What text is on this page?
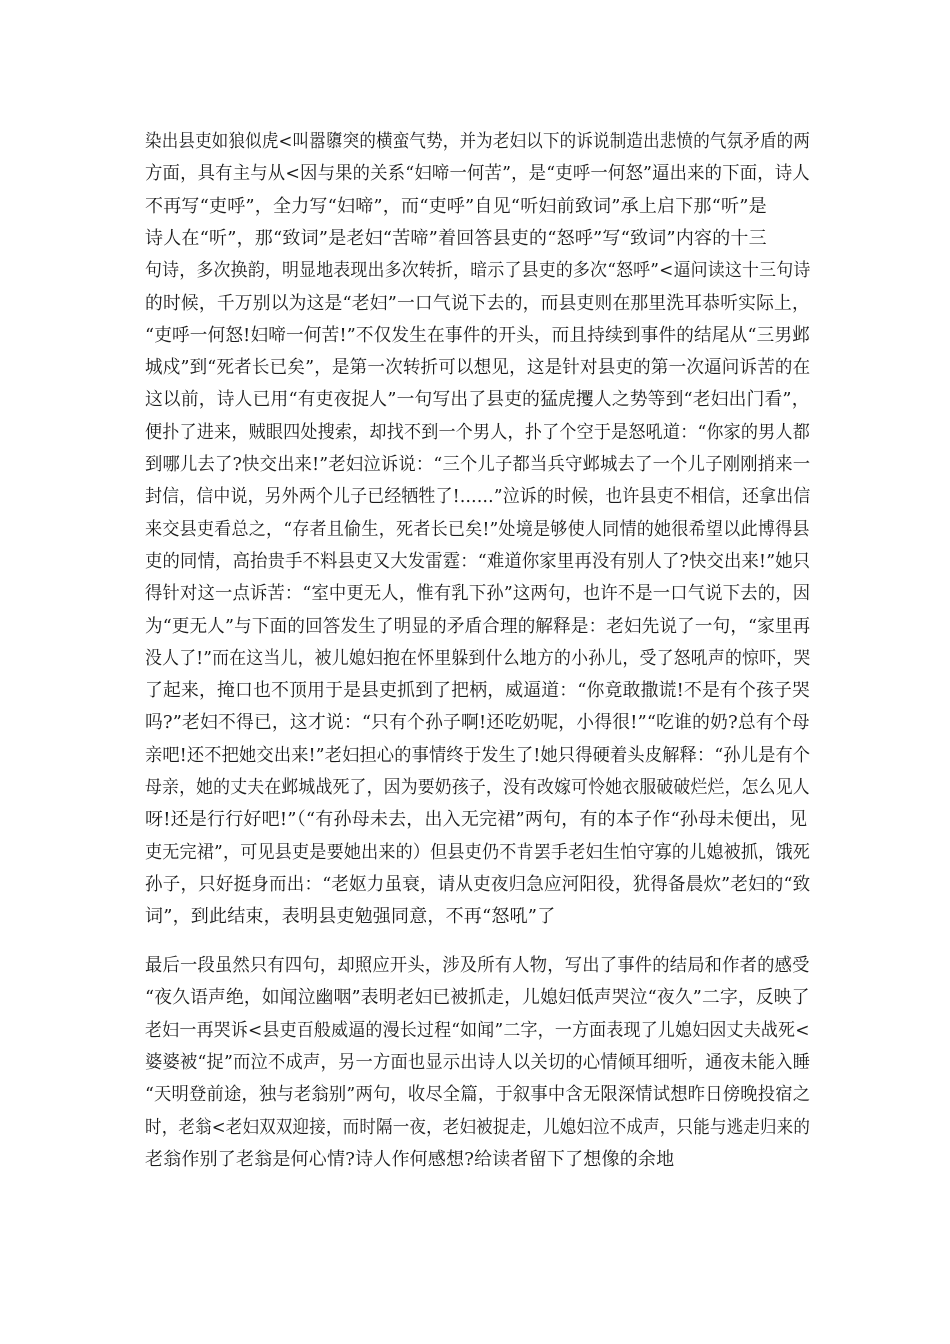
染出县吏如狼似虎<叫嚣隳突的横蛮气势，并为老妇以下的诉说制造出悲愤的气氛矛盾的两
方面，具有主与从<因与果的关系“妇啼一何苦”，是“吏呼一何怒”逼出来的下面，诗人
不再写“吏呼”，全力写“妇啼”，而“吏呼”自见“听妇前致词”承上启下那“听”是
诗人在“听”，那“致词”是老妇“苦啼”着回答县吏的“怒呼”写“致词”内容的十三
句诗，多次换韵，明显地表现出多次转折，暗示了县吏的多次“怒呼”<逼问读这十三句诗
的时候，千万别以为这是“老妇”一口气说下去的，而县吏则在那里洗耳恭听实际上，
“吏呼一何怒!妇啼一何苦!”不仅发生在事件的开头，而且持续到事件的结尾从“三男邺
城戍”到“死者长已矣”，是第一次转折可以想见，这是针对县吏的第一次逼问诉苦的在
这以前，诗人已用“有吏夜捉人”一句写出了县吏的猛虎攫人之势等到“老妇出门看”，
便扑了进来，贼眼四处搜索，却找不到一个男人，扑了个空于是怒吼道：“你家的男人都
到哪儿去了?快交出来!”老妇泣诉说：“三个儿子都当兵守邺城去了一个儿子刚刚捎来一
封信，信中说，另外两个儿子已经牺牲了!……”泣诉的时候，也许县吏不相信，还拿出信
来交县吏看总之，“存者且偷生，死者长已矣!”处境是够使人同情的她很希望以此博得县
吏的同情，高抬贵手不料县吏又大发雷霆：“难道你家里再没有别人了?快交出来!”她只
得针对这一点诉苦：“室中更无人，惟有乳下孙”这两句，也许不是一口气说下去的，因
为“更无人”与下面的回答发生了明显的矛盾合理的解释是：老妇先说了一句，“家里再
没人了!”而在这当儿，被儿媳妇抱在怀里躲到什么地方的小孙儿，受了怒吼声的惊吓，哭
了起来，掩口也不顶用于是县吏抓到了把柄，威逼道：“你竟敢撒谎!不是有个孩子哭
吗?”老妇不得已，这才说：“只有个孙子啊!还吃奶呢，小得很!”“吃谁的奶?总有个母
亲吧!还不把她交出来!”老妇担心的事情终于发生了!她只得硬着头皮解释：“孙儿是有个
母亲，她的丈夫在邺城战死了，因为要奶孩子，没有改嫁可怜她衣服破破烂烂，怎么见人
呀!还是行行好吧!”（“有孙母未去，出入无完裙”两句，有的本子作“孙母未便出，见
吏无完裙”，可见县吏是要她出来的）但县吏仍不肯罢手老妇生怕守寡的儿媳被抓，饿死
孙子，只好挺身而出：“老妪力虽衰，请从吏夜归急应河阳役，犹得备晨炊”老妇的“致
词”，到此结束，表明县吏勉强同意，不再“怒吼”了
最后一段虽然只有四句，却照应开头，涉及所有人物，写出了事件的结局和作者的感受
“夜久语声绝，如闻泣幽咽”表明老妇已被抓走，儿媳妇低声哭泣“夜久”二字，反映了
老妇一再哭诉<县吏百般威逼的漫长过程“如闻”二字，一方面表现了儿媳妇因丈夫战死<
婆婆被“捉”而泣不成声，另一方面也显示出诗人以关切的心情倾耳细听，通夜未能入睡
“天明登前途，独与老翁别”两句，收尽全篇，于叙事中含无限深情试想昨日傍晚投宿之
时，老翁<老妇双双迎接，而时隔一夜，老妇被捉走，儿媳妇泣不成声，只能与逃走归来的
老翁作别了老翁是何心情?诗人作何感想?给读者留下了想像的余地
